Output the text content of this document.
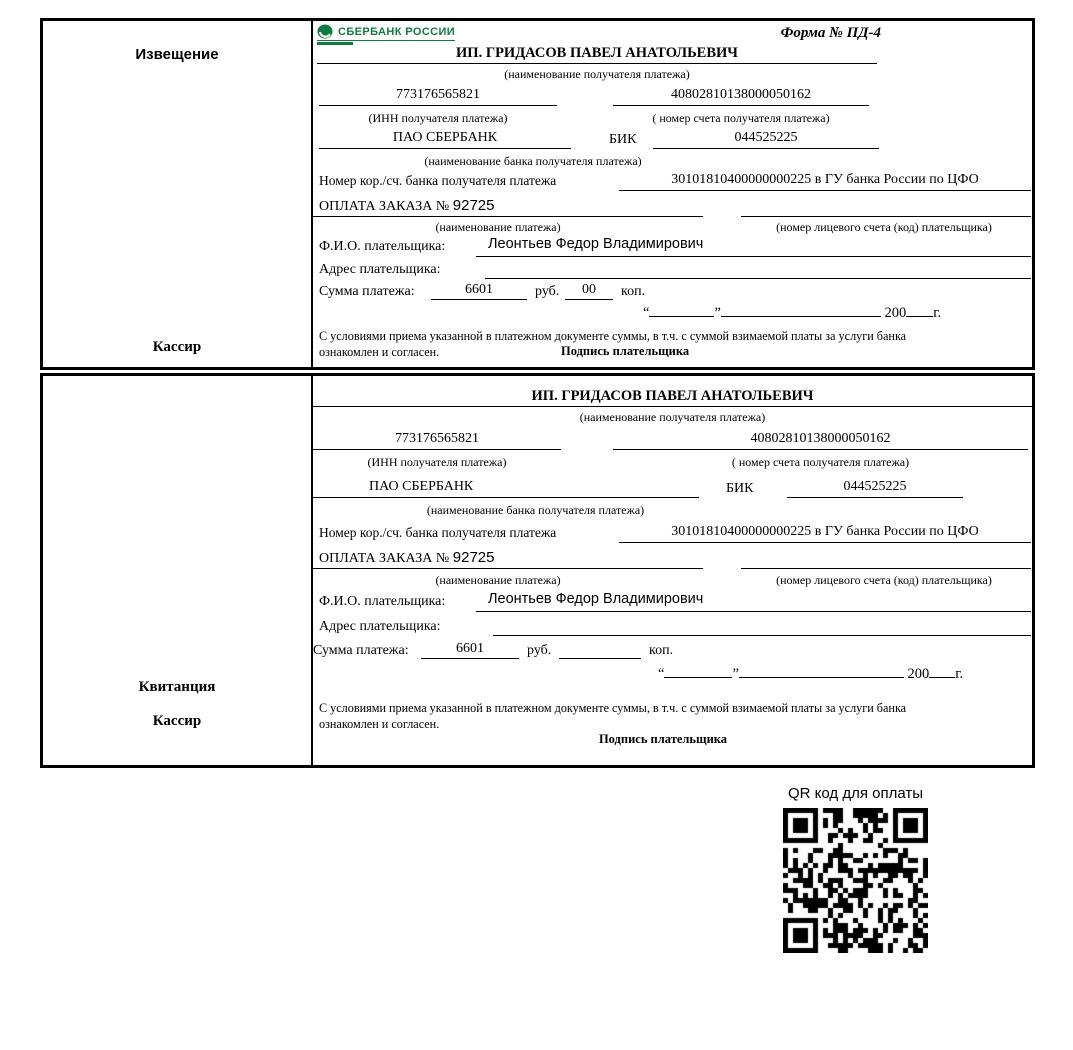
Извещение
Кассир
СБЕРБАНК РОССИИ	Форма № ПД-4
ИП. ГРИДАСОВ ПАВЕЛ АНАТОЛЬЕВИЧ
(наименование получателя платежа)
773176565821	40802810138000050162
(ИНН получателя платежа)	( номер счета получателя платежа)
ПАО СБЕРБАНК	БИК	044525225
(наименование банка получателя платежа)
Номер кор./сч. банка получателя платежа	30101810400000000225 в ГУ банка России по ЦФО
ОПЛАТА ЗАКАЗА № 92725
(наименование платежа)	(номер лицевого счета (код) плательщика)
Ф.И.О. плательщика:	Леонтьев Федор Владимирович
Адрес плательщика:
Сумма платежа:	6601	руб.	00	коп.
“	”	200 г.
С условиями приема указанной в платежном документе суммы, в т.ч. с суммой взимаемой платы за услуги банка
ознакомлен и согласен.	Подпись плательщика
Квитанция
Кассир
ИП. ГРИДАСОВ ПАВЕЛ АНАТОЛЬЕВИЧ
(наименование получателя платежа)
773176565821	40802810138000050162
(ИНН получателя платежа)	( номер счета получателя платежа)
ПАО СБЕРБАНК	БИК	044525225
(наименование банка получателя платежа)
Номер кор./сч. банка получателя платежа	30101810400000000225 в ГУ банка России по ЦФО
ОПЛАТА ЗАКАЗА № 92725
(наименование платежа)	(номер лицевого счета (код) плательщика)
Ф.И.О. плательщика:	Леонтьев Федор Владимирович
Адрес плательщика:
Сумма платежа:	6601	руб.	коп.
“	”	200 г.
С условиями приема указанной в платежном документе суммы, в т.ч. с суммой взимаемой платы за услуги банка
ознакомлен и согласен.
Подпись плательщика
QR код для оплаты
